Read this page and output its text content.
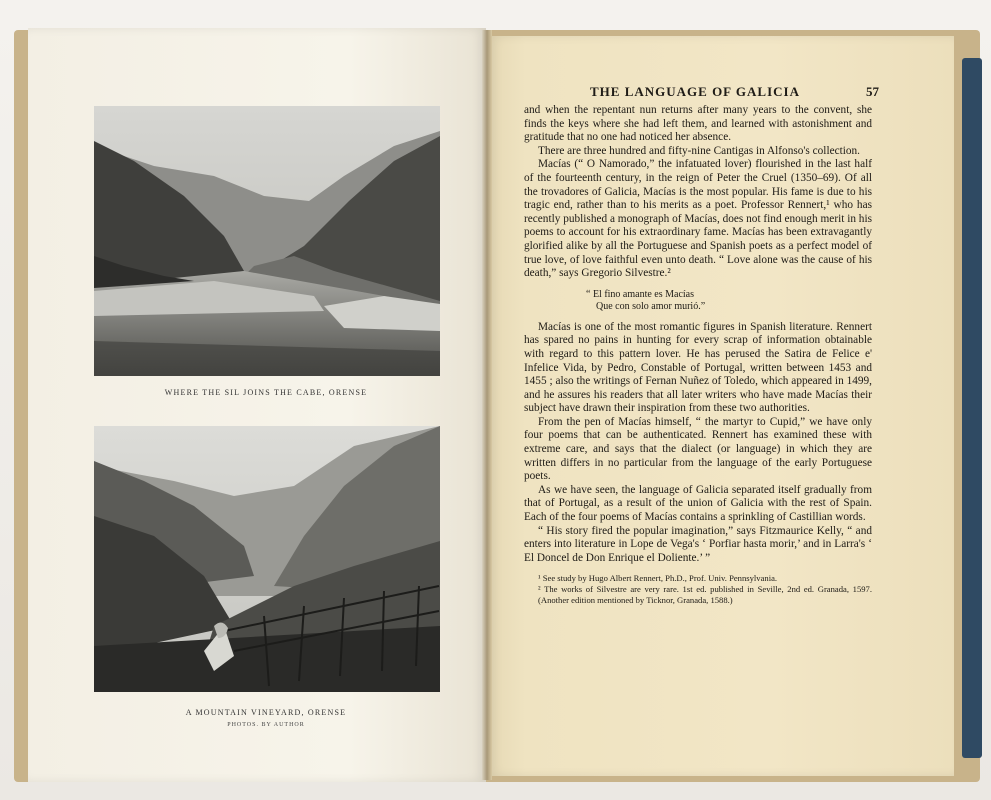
WHERE THE SIL JOINS THE CABE, ORENSE
A MOUNTAIN VINEYARD, ORENSE
PHOTOS. BY AUTHOR
THE LANGUAGE OF GALICIA	57

and when the repentant nun returns after many years to the convent, she finds the keys where she had left them, and learned with astonishment and gratitude that no one had noticed her absence.

There are three hundred and fifty-nine Cantigas in Alfonso's collection.

Macías (“ O Namorado,” the infatuated lover) flourished in the last half of the fourteenth century, in the reign of Peter the Cruel (1350–69). Of all the trovadores of Galicia, Macías is the most popular. His fame is due to his tragic end, rather than to his merits as a poet. Professor Rennert,¹ who has recently published a monograph of Macías, does not find enough merit in his poems to account for his extraordinary fame. Macías has been extravagantly glorified alike by all the Portuguese and Spanish poets as a perfect model of true love, of love faithful even unto death. “ Love alone was the cause of his death,” says Gregorio Silvestre.²

“ El fino amante es Macías
Que con solo amor murió.”

Macías is one of the most romantic figures in Spanish literature. Rennert has spared no pains in hunting for every scrap of information obtainable with regard to this pattern lover. He has perused the Satira de Felice e' Infelice Vida, by Pedro, Constable of Portugal, written between 1453 and 1455 ; also the writings of Fernan Nuñez of Toledo, which appeared in 1499, and he assures his readers that all later writers who have made Macías their subject have drawn their inspiration from these two authorities.

From the pen of Macías himself, “ the martyr to Cupid,” we have only four poems that can be authenticated. Rennert has examined these with extreme care, and says that the dialect (or language) in which they are written differs in no particular from the language of the early Portuguese poets.

As we have seen, the language of Galicia separated itself gradually from that of Portugal, as a result of the union of Galicia with the rest of Spain. Each of the four poems of Macías contains a sprinkling of Castillian words.

“ His story fired the popular imagination,” says Fitzmaurice Kelly, “ and enters into literature in Lope de Vega's ‘ Porfiar hasta morir,’ and in Larra's ‘ El Doncel de Don Enrique el Doliente.’ ”

¹ See study by Hugo Albert Rennert, Ph.D., Prof. Univ. Pennsylvania.
² The works of Silvestre are very rare. 1st ed. published in Seville, 2nd ed. Granada, 1597. (Another edition mentioned by Ticknor, Granada, 1588.)
